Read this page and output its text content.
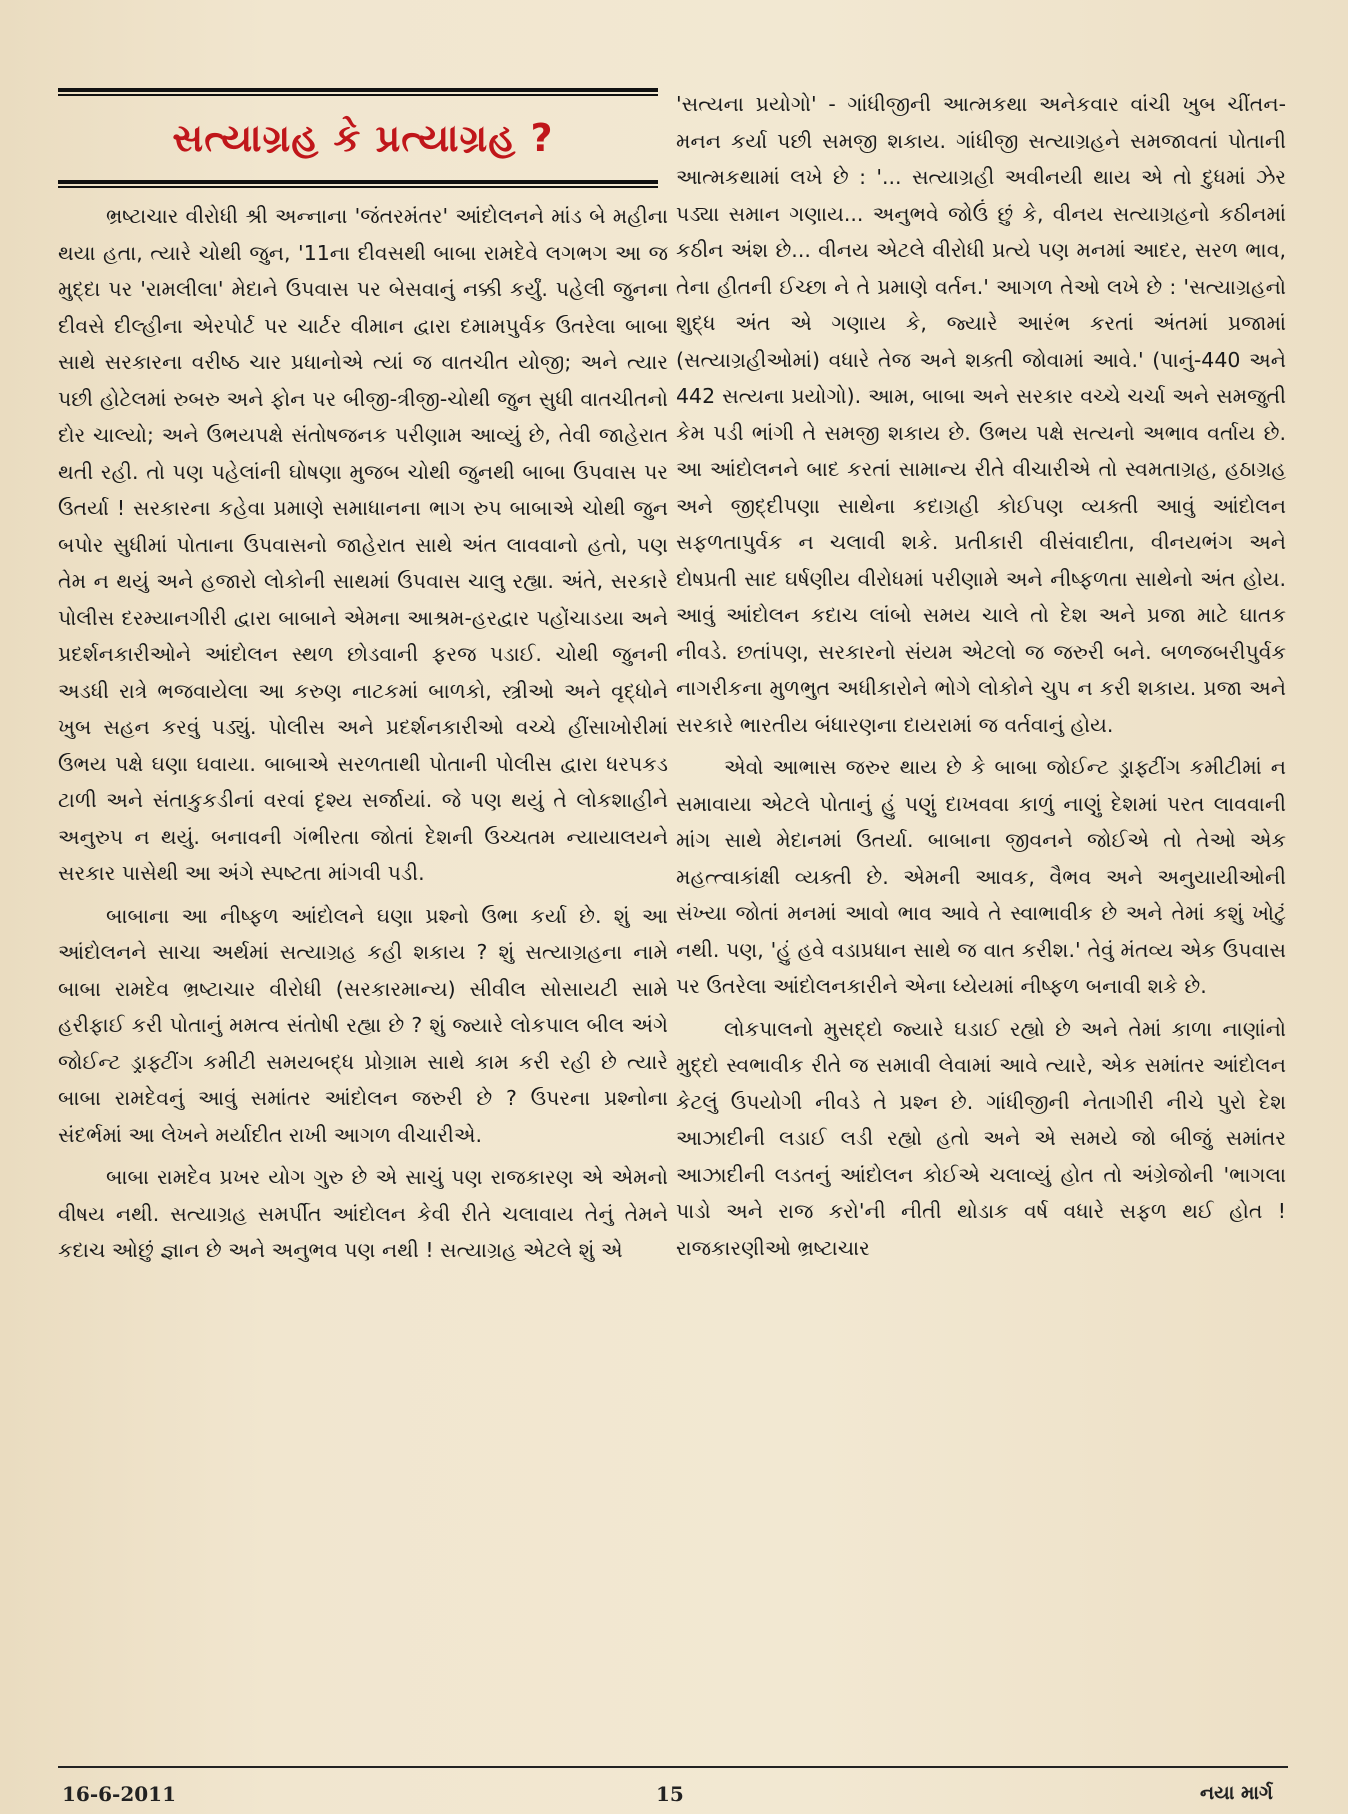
સત્યાગ્રહ કે પ્રત્યાગ્રહ ?

ભ્રષ્ટાચાર વીરોધી શ્રી અન્નાના 'જંતરમંતર' આંદોલનને માંડ બે મહીના થયા હતા, ત્યારે ચોથી જુન, '11ના દીવસથી બાબા રામદેવે લગભગ આ જ મુદ્દા પર 'રામલીલા' મેદાને ઉપવાસ પર બેસવાનું નક્કી કર્યું. પહેલી જુનના દીવસે દીલ્હીના એરપોર્ટ પર ચાર્ટર વીમાન દ્વારા દમામપુર્વક ઉતરેલા બાબા સાથે સરકારના વરીષ્ઠ ચાર પ્રધાનોએ ત્યાં જ વાતચીત યોજી; અને ત્યાર પછી હોટેલમાં રુબરુ અને ફોન પર બીજી-ત્રીજી-ચોથી જુન સુધી વાતચીતનો દોર ચાલ્યો; અને ઉભયપક્ષે સંતોષજનક પરીણામ આવ્યું છે, તેવી જાહેરાત થતી રહી. તો પણ પહેલાંની ઘોષણા મુજબ ચોથી જુનથી બાબા ઉપવાસ પર ઉતર્યા ! સરકારના કહેવા પ્રમાણે સમાધાનના ભાગ રુપ બાબાએ ચોથી જુન બપોર સુધીમાં પોતાના ઉપવાસનો જાહેરાત સાથે અંત લાવવાનો હતો, પણ તેમ ન થયું અને હજારો લોકોની સાથમાં ઉપવાસ ચાલુ રહ્યા. અંતે, સરકારે પોલીસ દરમ્યાનગીરી દ્વારા બાબાને એમના આશ્રમ-હરદ્વાર પહોંચાડયા અને પ્રદર્શનકારીઓને આંદોલન સ્થળ છોડવાની ફરજ પડાઈ. ચોથી જુનની અડધી રાત્રે ભજવાયેલા આ કરુણ નાટકમાં બાળકો, સ્ત્રીઓ અને વૃદ્ધોને ખુબ સહન કરવું પડ્યું. પોલીસ અને પ્રદર્શનકારીઓ વચ્ચે હીંસાખોરીમાં ઉભય પક્ષે ઘણા ઘવાયા. બાબાએ સરળતાથી પોતાની પોલીસ દ્વારા ધરપકડ ટાળી અને સંતાકુકડીનાં વરવાં દૃશ્ય સર્જાયાં. જે પણ થયું તે લોકશાહીને અનુરુપ ન થયું. બનાવની ગંભીરતા જોતાં દેશની ઉચ્ચતમ ન્યાયાલયને સરકાર પાસેથી આ અંગે સ્પષ્ટતા માંગવી પડી.

બાબાના આ નીષ્ફળ આંદોલને ઘણા પ્રશ્નો ઉભા કર્યા છે. શું આ આંદોલનને સાચા અર્થમાં સત્યાગ્રહ કહી શકાય ? શું સત્યાગ્રહના નામે બાબા રામદેવ ભ્રષ્ટાચાર વીરોધી (સરકારમાન્ય) સીવીલ સોસાયટી સામે હરીફાઈ કરી પોતાનું મમત્વ સંતોષી રહ્યા છે ? શું જ્યારે લોકપાલ બીલ અંગે જોઈન્ટ ડ્રાફ્ટીંગ કમીટી સમયબદ્ધ પ્રોગ્રામ સાથે કામ કરી રહી છે ત્યારે બાબા રામદેવનું આવું સમાંતર આંદોલન જરુરી છે ? ઉપરના પ્રશ્નોના સંદર્ભમાં આ લેખને મર્યાદીત રાખી આગળ વીચારીએ.

બાબા રામદેવ પ્રખર યોગ ગુરુ છે એ સાચું પણ રાજકારણ એ એમનો વીષય નથી. સત્યાગ્રહ સમર્પીત આંદોલન કેવી રીતે ચલાવાય તેનું તેમને કદાચ ઓછું જ્ઞાન છે અને અનુભવ પણ નથી ! સત્યાગ્રહ એટલે શું એ

'સત્યના પ્રયોગો' - ગાંધીજીની આત્મકથા અનેકવાર વાંચી ખુબ ચીંતન-મનન કર્યા પછી સમજી શકાય. ગાંધીજી સત્યાગ્રહને સમજાવતાં પોતાની આત્મકથામાં લખે છે : '... સત્યાગ્રહી અવીનયી થાય એ તો દુધમાં ઝેર પડ્યા સમાન ગણાય... અનુભવે જોઉં છું કે, વીનય સત્યાગ્રહનો કઠીનમાં કઠીન અંશ છે... વીનય એટલે વીરોધી પ્રત્યે પણ મનમાં આદર, સરળ ભાવ, તેના હીતની ઈચ્છા ને તે પ્રમાણે વર્તન.' આગળ તેઓ લખે છે : 'સત્યાગ્રહનો શુદ્ધ અંત એ ગણાય કે, જ્યારે આરંભ કરતાં અંતમાં પ્રજામાં (સત્યાગ્રહીઓમાં) વધારે તેજ અને શક્તી જોવામાં આવે.' (પાનું-440 અને 442 સત્યના પ્રયોગો). આમ, બાબા અને સરકાર વચ્ચે ચર્ચા અને સમજુતી કેમ પડી ભાંગી તે સમજી શકાય છે. ઉભય પક્ષે સત્યનો અભાવ વર્તાય છે. આ આંદોલનને બાદ કરતાં સામાન્ય રીતે વીચારીએ તો સ્વમતાગ્રહ, હઠાગ્રહ અને જીદ્દીપણા સાથેના કદાગ્રહી કોઈપણ વ્યક્તી આવું આંદોલન સફળતાપુર્વક ન ચલાવી શકે. પ્રતીકારી વીસંવાદીતા, વીનયભંગ અને દોષપ્રતી સાદ ઘર્ષણીય વીરોધમાં પરીણામે અને નીષ્ફળતા સાથેનો અંત હોય. આવું આંદોલન કદાચ લાંબો સમય ચાલે તો દેશ અને પ્રજા માટે ઘાતક નીવડે. છતાંપણ, સરકારનો સંયમ એટલો જ જરુરી બને. બળજબરીપુર્વક નાગરીકના મુળભુત અધીકારોને ભોગે લોકોને ચુપ ન કરી શકાય. પ્રજા અને સરકારે ભારતીય બંધારણના દાયરામાં જ વર્તવાનું હોય.

એવો આભાસ જરુર થાય છે કે બાબા જોઈન્ટ ડ્રાફ્ટીંગ કમીટીમાં ન સમાવાયા એટલે પોતાનું હું પણું દાખવવા કાળું નાણું દેશમાં પરત લાવવાની માંગ સાથે મેદાનમાં ઉતર્યા. બાબાના જીવનને જોઈએ તો તેઓ એક મહત્ત્વાકાંક્ષી વ્યક્તી છે. એમની આવક, વૈભવ અને અનુયાયીઓની સંખ્યા જોતાં મનમાં આવો ભાવ આવે તે સ્વાભાવીક છે અને તેમાં કશું ખોટું નથી. પણ, 'હું હવે વડાપ્રધાન સાથે જ વાત કરીશ.' તેવું મંતવ્ય એક ઉપવાસ પર ઉતરેલા આંદોલનકારીને એના ધ્યેયમાં નીષ્ફળ બનાવી શકે છે.

લોકપાલનો મુસદ્દો જ્યારે ઘડાઈ રહ્યો છે અને તેમાં કાળા નાણાંનો મુદ્દો સ્વભાવીક રીતે જ સમાવી લેવામાં આવે ત્યારે, એક સમાંતર આંદોલન કેટલું ઉપયોગી નીવડે તે પ્રશ્ન છે. ગાંધીજીની નેતાગીરી નીચે પુરો દેશ આઝાદીની લડાઈ લડી રહ્યો હતો અને એ સમયે જો બીજું સમાંતર આઝાદીની લડતનું આંદોલન કોઈએ ચલાવ્યું હોત તો અંગ્રેજોની 'ભાગલા પાડો અને રાજ કરો'ની નીતી થોડાક વર્ષ વધારે સફળ થઈ હોત ! રાજકારણીઓ ભ્રષ્ટાચાર

16-6-2011	15	નયા માર્ગ
